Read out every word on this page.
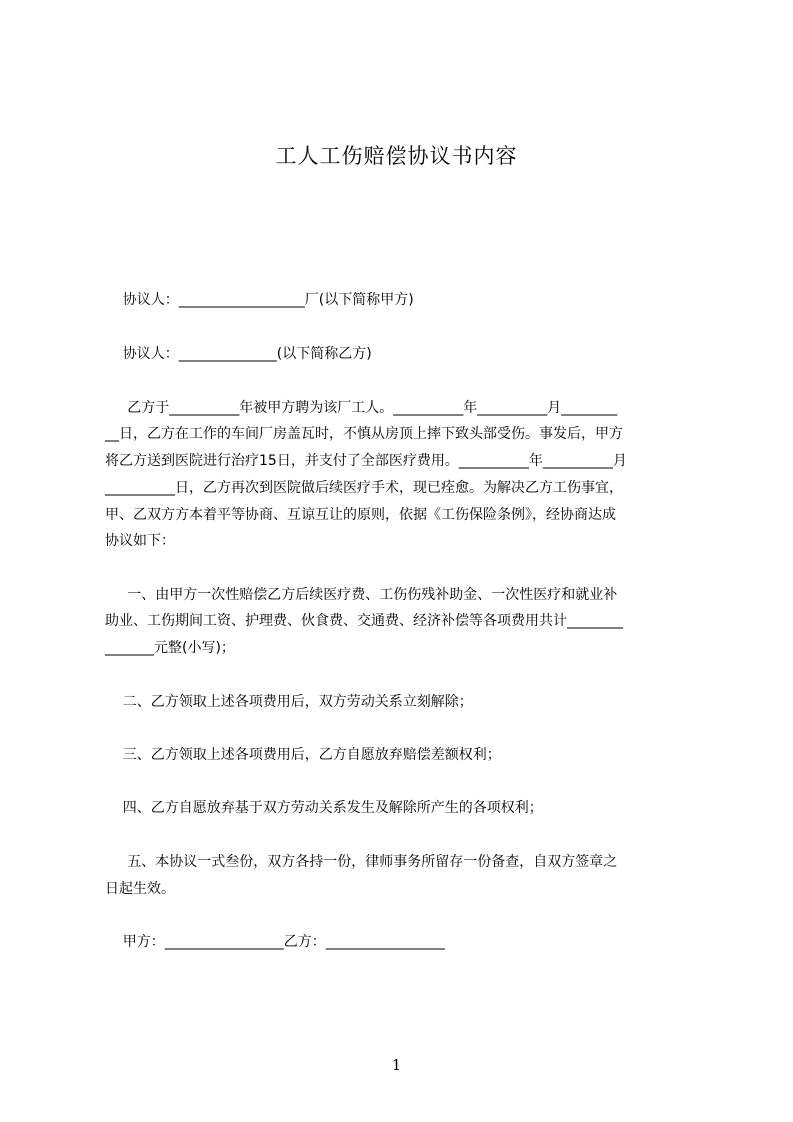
工人工伤赔偿协议书内容
协议人：__________________厂(以下简称甲方)
协议人：______________(以下简称乙方)
乙方于__________年被甲方聘为该厂工人。__________年__________月________
__日，乙方在工作的车间厂房盖瓦时，不慎从房顶上摔下致头部受伤。事发后，甲方
将乙方送到医院进行治疗15日，并支付了全部医疗费用。__________年__________月
__________日，乙方再次到医院做后续医疗手术，现已痊愈。为解决乙方工伤事宜，
甲、乙双方方本着平等协商、互谅互让的原则，依据《工伤保险条例》，经协商达成
协议如下：
一、由甲方一次性赔偿乙方后续医疗费、工伤伤残补助金、一次性医疗和就业补
助业、工伤期间工资、护理费、伙食费、交通费、经济补偿等各项费用共计________
_______元整(小写)；
二、乙方领取上述各项费用后，双方劳动关系立刻解除；
三、乙方领取上述各项费用后，乙方自愿放弃赔偿差额权利；
四、乙方自愿放弃基于双方劳动关系发生及解除所产生的各项权利；
五、本协议一式叁份，双方各持一份，律师事务所留存一份备查，自双方签章之
日起生效。
甲方：_________________乙方：_________________
1
